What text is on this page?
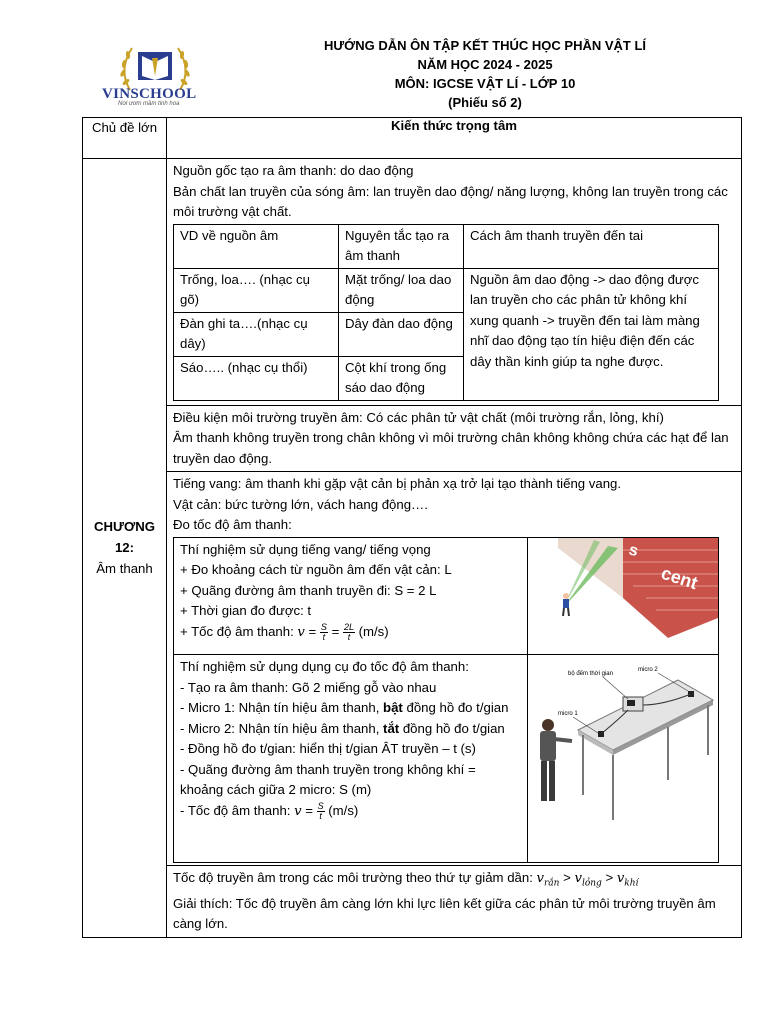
VINSCHOOL
Nơi ươm mầm tinh hoa
HƯỚNG DẪN ÔN TẬP KẾT THÚC HỌC PHẦN VẬT LÍ
NĂM HỌC 2024 - 2025
MÔN: IGCSE VẬT LÍ - LỚP 10
(Phiếu số 2)
Chủ đề lớn	Kiến thức trọng tâm

CHƯƠNG
12:
Âm thanh

Nguồn gốc tạo ra âm thanh: do dao động
Bản chất lan truyền của sóng âm: lan truyền dao động/ năng lượng, không lan truyền trong các môi trường vật chất.
VD về nguồn âm	Nguyên tắc tạo ra âm thanh	Cách âm thanh truyền đến tai
Trống, loa…. (nhạc cụ gõ)	Mặt trống/ loa dao động	Nguồn âm dao động -> dao động được lan truyền cho các phân tử không khí xung quanh -> truyền đến tai làm màng nhĩ dao động tạo tín hiệu điện đến các dây thần kinh giúp ta nghe được.
Đàn ghi ta….(nhạc cụ dây)	Dây đàn dao động
Sáo….. (nhạc cụ thổi)	Cột khí trong ống sáo dao động
Điều kiện môi trường truyền âm: Có các phân tử vật chất (môi trường rắn, lỏng, khí)
Âm thanh không truyền trong chân không vì môi trường chân không không chứa các hạt để lan truyền dao động.
Tiếng vang: âm thanh khi gặp vật cản bị phản xạ trở lại tạo thành tiếng vang.
Vật cản: bức tường lớn, vách hang động….
Đo tốc độ âm thanh:
Thí nghiệm sử dụng tiếng vang/ tiếng vọng
+ Đo khoảng cách từ nguồn âm đến vật cản: L
+ Quãng đường âm thanh truyền đi: S = 2 L
+ Thời gian đo được: t
+ Tốc độ âm thanh: $v = \frac{S}{t} = \frac{2L}{t} (m/s)$

s
cent

Thí nghiệm sử dụng dụng cụ đo tốc độ âm thanh:
- Tạo ra âm thanh: Gõ 2 miếng gỗ vào nhau
- Micro 1: Nhận tín hiệu âm thanh, bật đồng hồ đo t/gian
- Micro 2: Nhận tín hiệu âm thanh, tắt đồng hồ đo t/gian
- Đồng hồ đo t/gian: hiển thị t/gian ÂT truyền – t (s)
- Quãng đường âm thanh truyền trong không khí = khoảng cách giữa 2 micro: S (m)
- Tốc độ âm thanh: $v = \frac{S}{t} (m/s)$

bộ đếm thời gian
micro 1
micro 2
Tốc độ truyền âm trong các môi trường theo thứ tự giảm dần: $v_{rắn} > v_{lỏng} > v_{khí}$
Giải thích: Tốc độ truyền âm càng lớn khi lực liên kết giữa các phân tử môi trường truyền âm càng lớn.
